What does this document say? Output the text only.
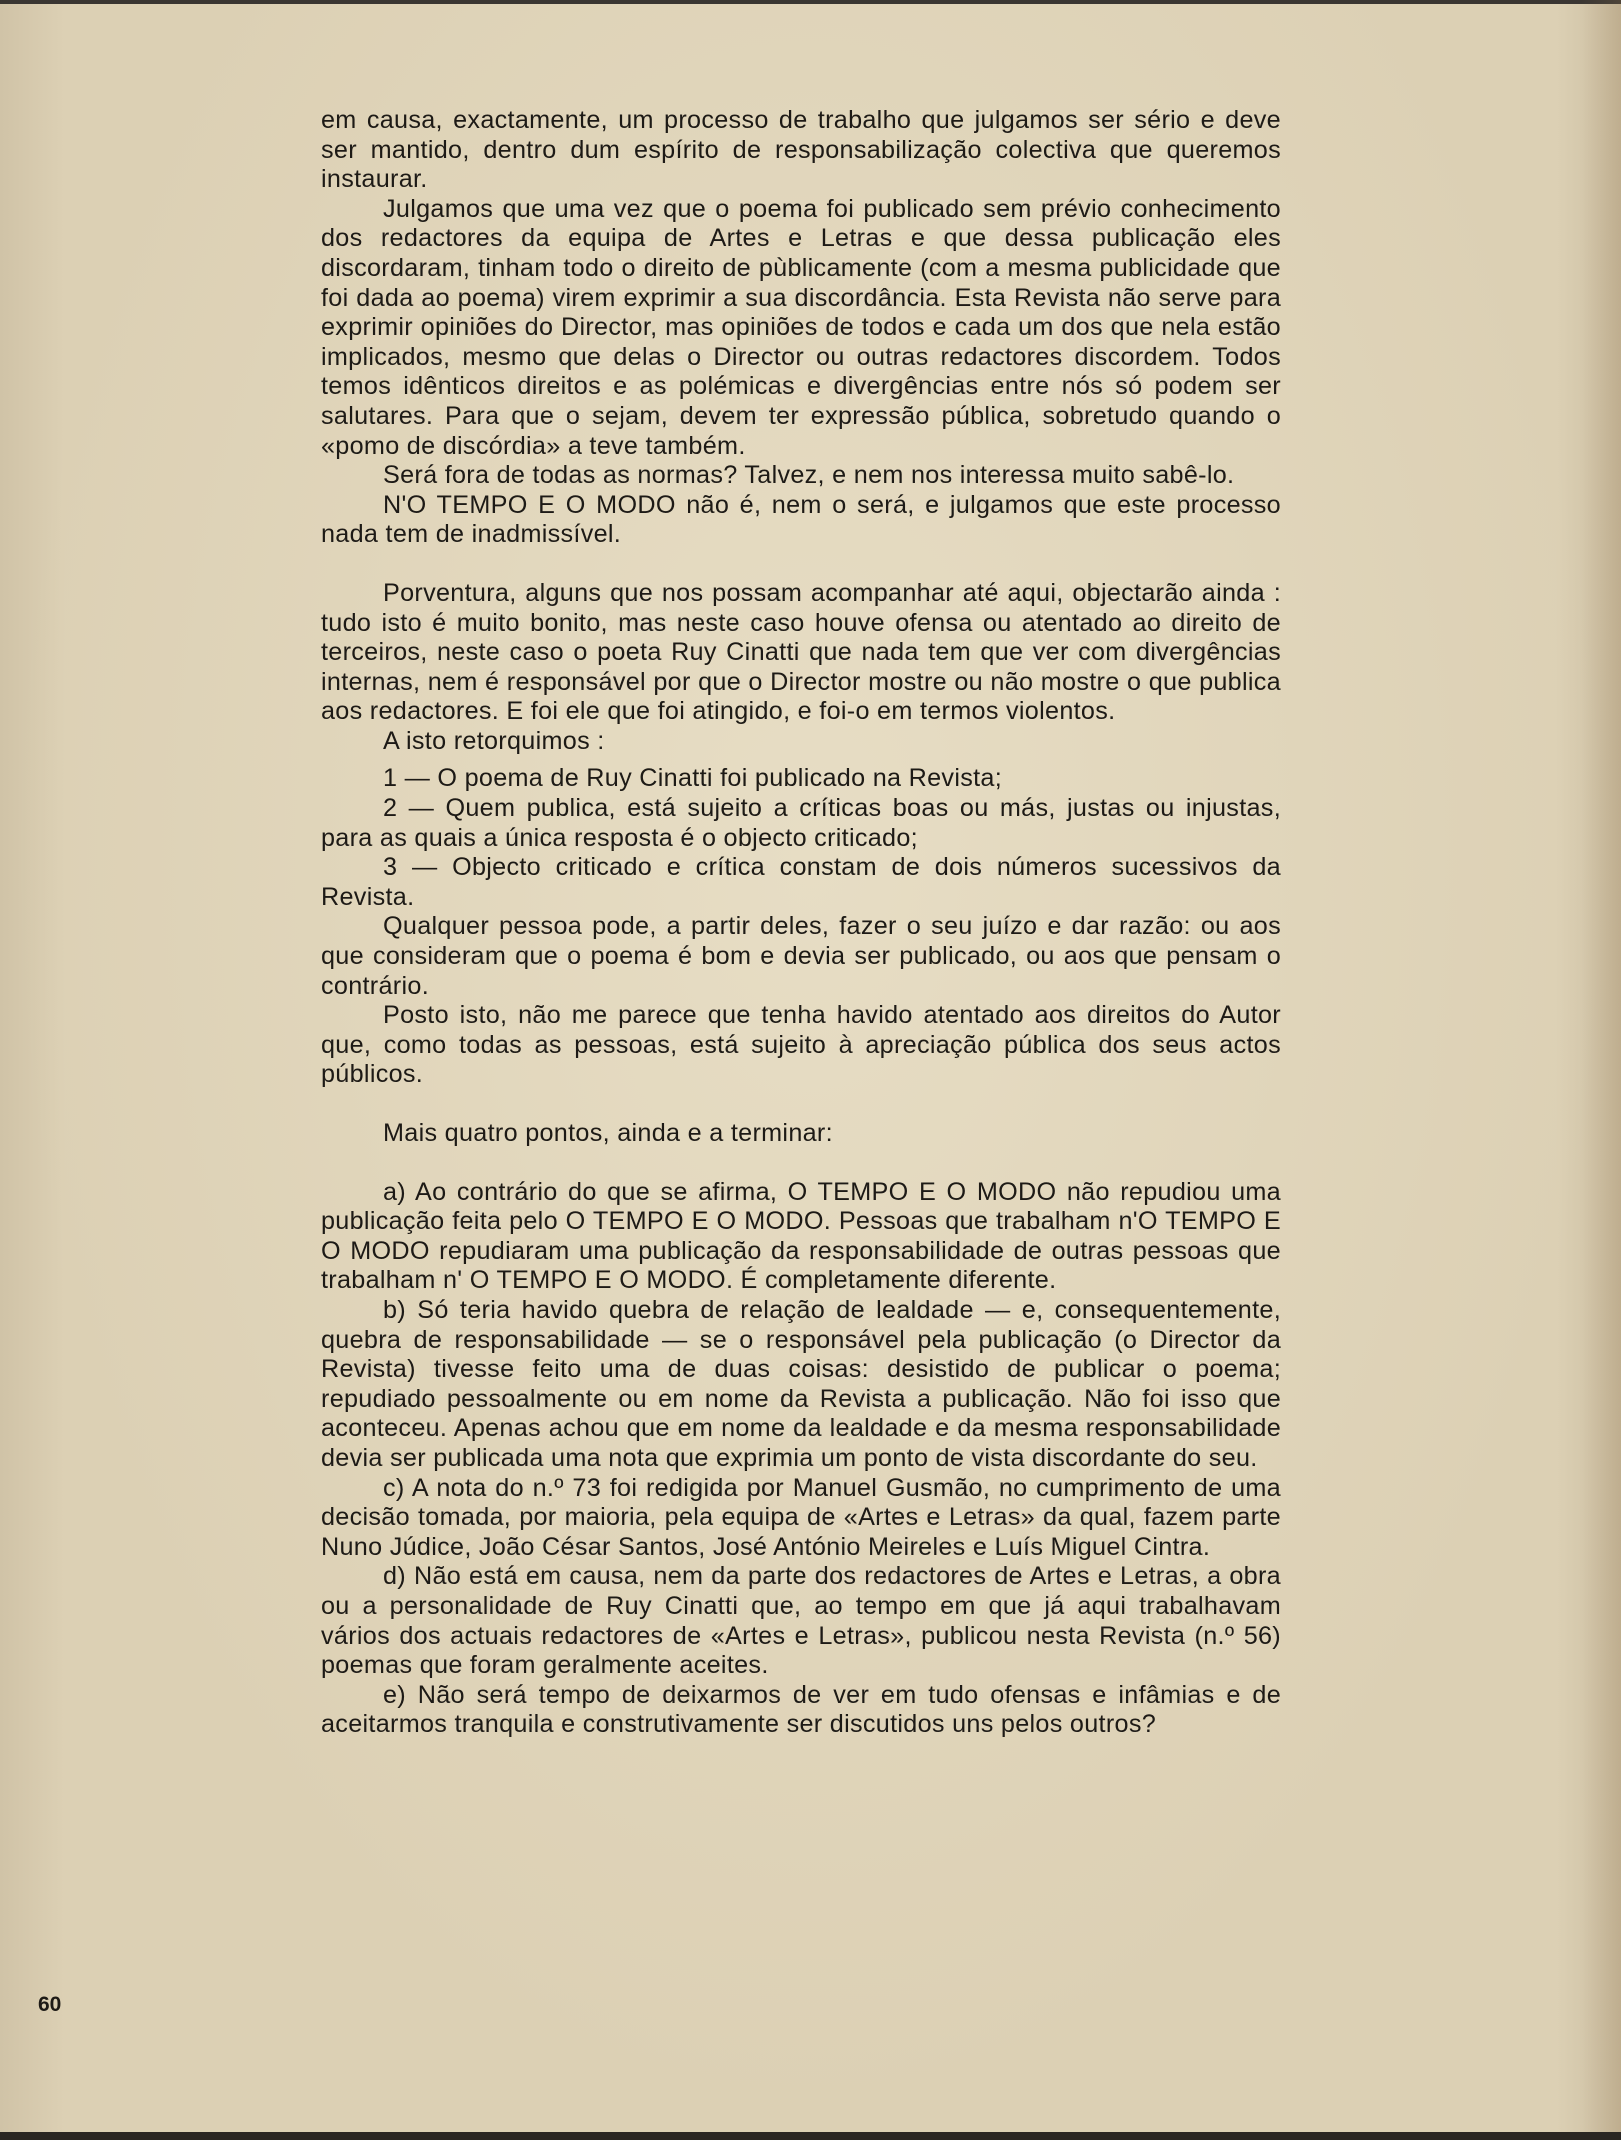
em causa, exactamente, um processo de trabalho que julgamos ser sério e deve ser mantido, dentro dum espírito de responsabilização colectiva que queremos instaurar.

Julgamos que uma vez que o poema foi publicado sem prévio conhecimento dos redactores da equipa de Artes e Letras e que dessa publicação eles discordaram, tinham todo o direito de pùblicamente (com a mesma publicidade que foi dada ao poema) virem exprimir a sua discordância. Esta Revista não serve para exprimir opiniões do Director, mas opiniões de todos e cada um dos que nela estão implicados, mesmo que delas o Director ou outras redactores discordem. Todos temos idênticos direitos e as polémicas e divergências entre nós só podem ser salutares. Para que o sejam, devem ter expressão pública, sobretudo quando o «pomo de discórdia» a teve também.

Será fora de todas as normas? Talvez, e nem nos interessa muito sabê-lo.

N'O TEMPO E O MODO não é, nem o será, e julgamos que este processo nada tem de inadmissível.

Porventura, alguns que nos possam acompanhar até aqui, objectarão ainda : tudo isto é muito bonito, mas neste caso houve ofensa ou atentado ao direito de terceiros, neste caso o poeta Ruy Cinatti que nada tem que ver com divergências internas, nem é responsável por que o Director mostre ou não mostre o que publica aos redactores. E foi ele que foi atingido, e foi-o em termos violentos.

A isto retorquimos :

1 — O poema de Ruy Cinatti foi publicado na Revista;

2 — Quem publica, está sujeito a críticas boas ou más, justas ou injustas, para as quais a única resposta é o objecto criticado;

3 — Objecto criticado e crítica constam de dois números sucessivos da Revista.

Qualquer pessoa pode, a partir deles, fazer o seu juízo e dar razão: ou aos que consideram que o poema é bom e devia ser publicado, ou aos que pensam o contrário.

Posto isto, não me parece que tenha havido atentado aos direitos do Autor que, como todas as pessoas, está sujeito à apreciação pública dos seus actos públicos.

Mais quatro pontos, ainda e a terminar:

a) Ao contrário do que se afirma, O TEMPO E O MODO não repudiou uma publicação feita pelo O TEMPO E O MODO. Pessoas que trabalham n'O TEMPO E O MODO repudiaram uma publicação da responsabilidade de outras pessoas que trabalham n' O TEMPO E O MODO. É completamente diferente.

b) Só teria havido quebra de relação de lealdade — e, consequentemente, quebra de responsabilidade — se o responsável pela publicação (o Director da Revista) tivesse feito uma de duas coisas: desistido de publicar o poema; repudiado pessoalmente ou em nome da Revista a publicação. Não foi isso que aconteceu. Apenas achou que em nome da lealdade e da mesma responsabilidade devia ser publicada uma nota que exprimia um ponto de vista discordante do seu.

c) A nota do n.º 73 foi redigida por Manuel Gusmão, no cumprimento de uma decisão tomada, por maioria, pela equipa de «Artes e Letras» da qual, fazem parte Nuno Júdice, João César Santos, José António Meireles e Luís Miguel Cintra.

d) Não está em causa, nem da parte dos redactores de Artes e Letras, a obra ou a personalidade de Ruy Cinatti que, ao tempo em que já aqui trabalhavam vários dos actuais redactores de «Artes e Letras», publicou nesta Revista (n.º 56) poemas que foram geralmente aceites.

e) Não será tempo de deixarmos de ver em tudo ofensas e infâmias e de aceitarmos tranquila e construtivamente ser discutidos uns pelos outros?

60
